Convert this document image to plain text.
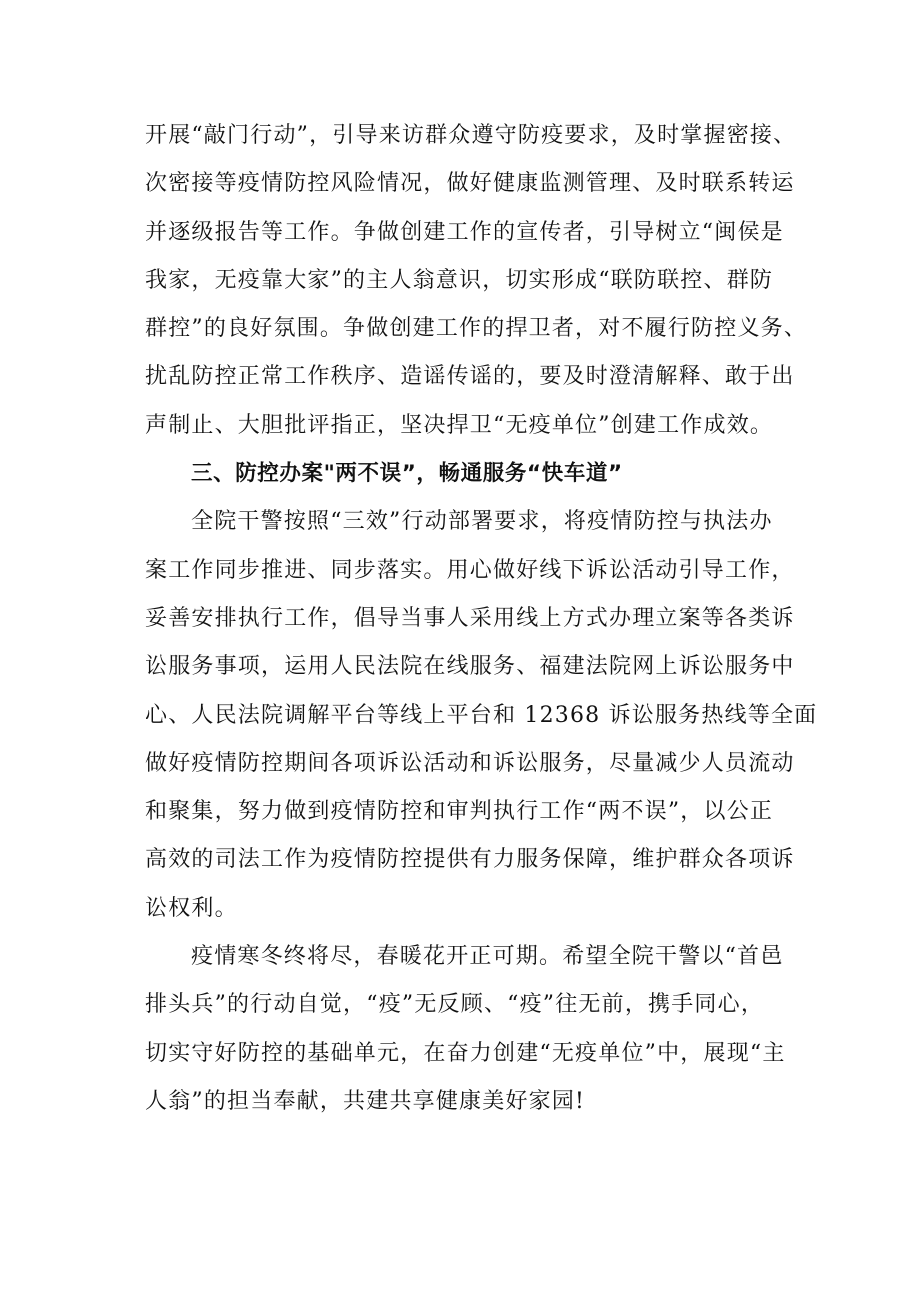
开展“敲门行动”，引导来访群众遵守防疫要求，及时掌握密接、
次密接等疫情防控风险情况，做好健康监测管理、及时联系转运
并逐级报告等工作。争做创建工作的宣传者，引导树立“闽侯是
我家，无疫靠大家”的主人翁意识，切实形成“联防联控、群防
群控”的良好氛围。争做创建工作的捍卫者，对不履行防控义务、
扰乱防控正常工作秩序、造谣传谣的，要及时澄清解释、敢于出
声制止、大胆批评指正，坚决捍卫“无疫单位”创建工作成效。
三、防控办案"两不误”，畅通服务“快车道”
全院干警按照“三效”行动部署要求，将疫情防控与执法办
案工作同步推进、同步落实。用心做好线下诉讼活动引导工作，
妥善安排执行工作，倡导当事人采用线上方式办理立案等各类诉
讼服务事项，运用人民法院在线服务、福建法院网上诉讼服务中
心、人民法院调解平台等线上平台和 12368 诉讼服务热线等全面
做好疫情防控期间各项诉讼活动和诉讼服务，尽量减少人员流动
和聚集，努力做到疫情防控和审判执行工作“两不误”，以公正
高效的司法工作为疫情防控提供有力服务保障，维护群众各项诉
讼权利。
疫情寒冬终将尽，春暖花开正可期。希望全院干警以“首邑
排头兵”的行动自觉，“疫”无反顾、“疫”往无前，携手同心，
切实守好防控的基础单元，在奋力创建“无疫单位”中，展现“主
人翁”的担当奉献，共建共享健康美好家园!
